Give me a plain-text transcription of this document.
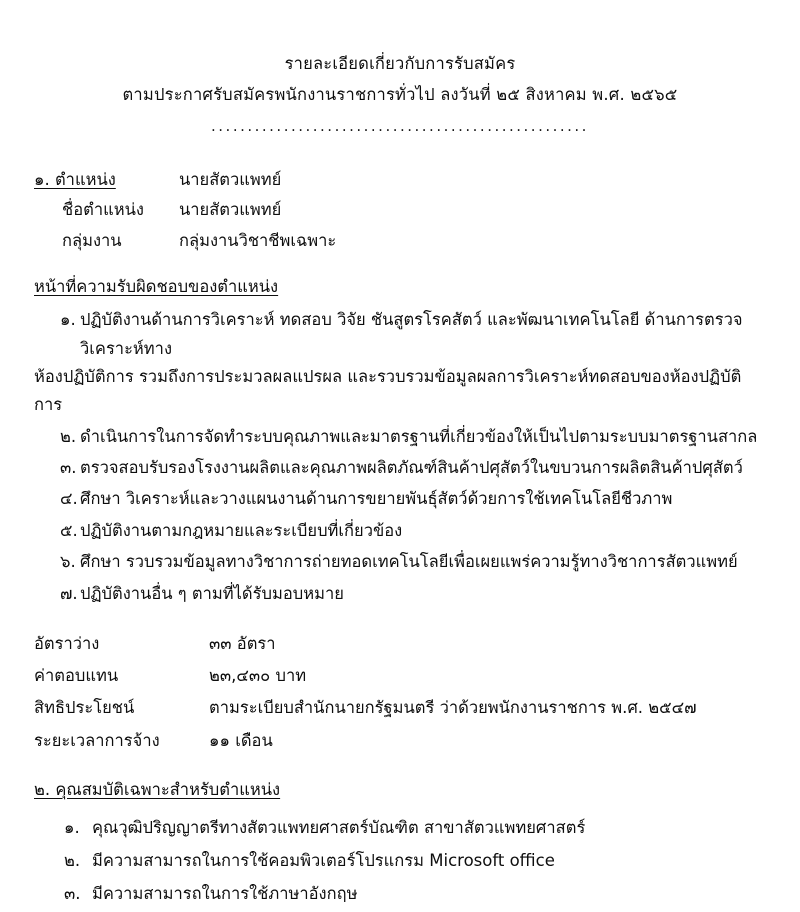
รายละเอียดเกี่ยวกับการรับสมัคร
ตามประกาศรับสมัครพนักงานราชการทั่วไป ลงวันที่ ๒๕ สิงหาคม พ.ศ. ๒๕๖๕
....................................................
๑. ตำแหน่ง	นายสัตวแพทย์
ชื่อตำแหน่ง	นายสัตวแพทย์
กลุ่มงาน	กลุ่มงานวิชาชีพเฉพาะ
หน้าที่ความรับผิดชอบของตำแหน่ง
๑. ปฏิบัติงานด้านการวิเคราะห์ ทดสอบ วิจัย ชันสูตรโรคสัตว์ และพัฒนาเทคโนโลยี ด้านการตรวจวิเคราะห์ทาง
ห้องปฏิบัติการ รวมถึงการประมวลผลแปรผล และรวบรวมข้อมูลผลการวิเคราะห์ทดสอบของห้องปฏิบัติการ
๒. ดำเนินการในการจัดทำระบบคุณภาพและมาตรฐานที่เกี่ยวข้องให้เป็นไปตามระบบมาตรฐานสากล
๓. ตรวจสอบรับรองโรงงานผลิตและคุณภาพผลิตภัณฑ์สินค้าปศุสัตว์ในขบวนการผลิตสินค้าปศุสัตว์
๔. ศึกษา วิเคราะห์และวางแผนงานด้านการขยายพันธุ์สัตว์ด้วยการใช้เทคโนโลยีชีวภาพ
๕. ปฏิบัติงานตามกฎหมายและระเบียบที่เกี่ยวข้อง
๖. ศึกษา รวบรวมข้อมูลทางวิชาการถ่ายทอดเทคโนโลยีเพื่อเผยแพร่ความรู้ทางวิชาการสัตวแพทย์
๗. ปฏิบัติงานอื่น ๆ ตามที่ได้รับมอบหมาย
อัตราว่าง	๓๓ อัตรา
ค่าตอบแทน	๒๓,๔๓๐ บาท
สิทธิประโยชน์	ตามระเบียบสำนักนายกรัฐมนตรี ว่าด้วยพนักงานราชการ พ.ศ. ๒๕๔๗
ระยะเวลาการจ้าง	๑๑ เดือน
๒. คุณสมบัติเฉพาะสำหรับตำแหน่ง
๑. คุณวุฒิปริญญาตรีทางสัตวแพทยศาสตร์บัณฑิต สาขาสัตวแพทยศาสตร์
๒. มีความสามารถในการใช้คอมพิวเตอร์โปรแกรม Microsoft office
๓. มีความสามารถในการใช้ภาษาอังกฤษ
